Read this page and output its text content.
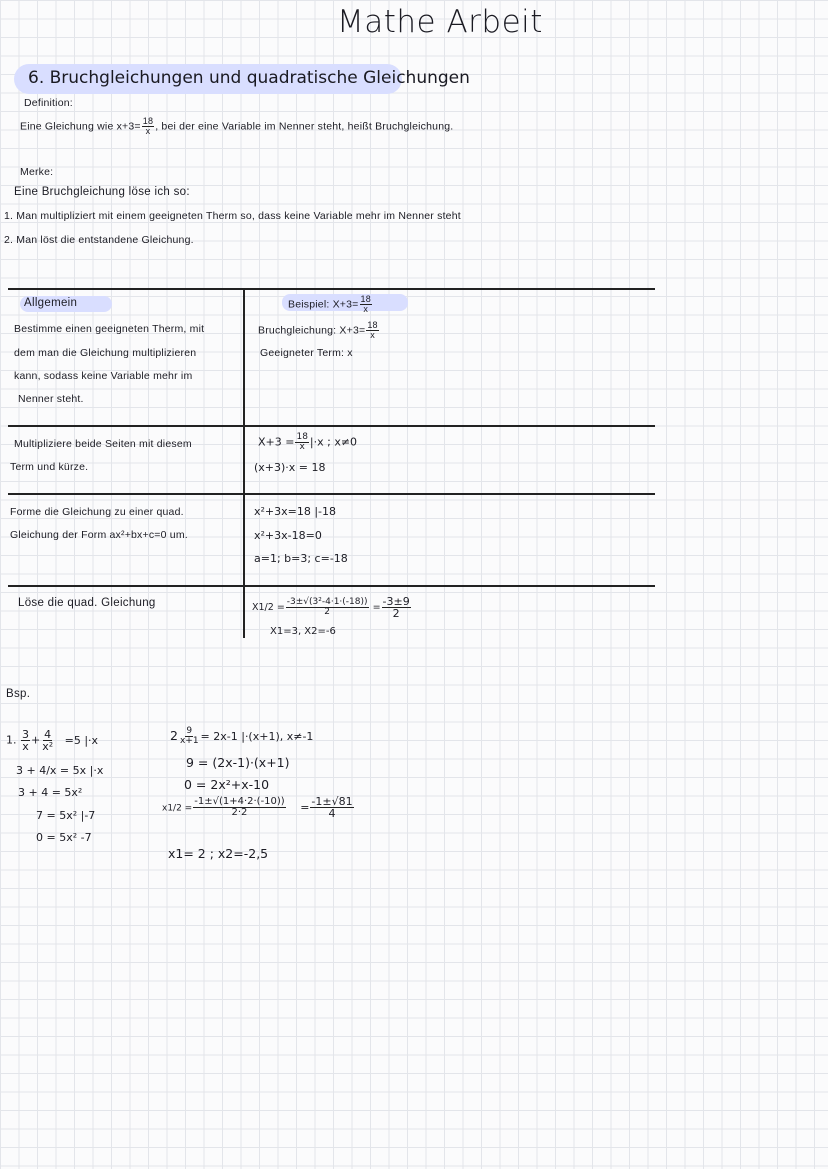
Mathe Arbeit
6. Bruchgleichungen und quadratische Gleichungen
Definition:
Eine Gleichung wie $x+3= \frac{18}{x}$ , bei der eine Variable im Nenner steht, heißt Bruchgleichung.
Merke:
Eine Bruchgleichung löse ich so:
1. Man multipliziert mit einem geeigneten Therm so, dass keine Variable mehr im Nenner steht
2. Man löst die entstandene Gleichung.
Allgemein	Beispiel: $X+3= \frac{18}{x}$
Bestimme einen geeigneten Therm, mit
dem man die Gleichung multiplizieren
kann, sodass keine Variable mehr im
Nenner steht.
Bruchgleichung: $X+3= \frac{18}{x}$
Geeigneter Term: x
Multipliziere beide Seiten mit diesem
Term und kürze.
$X+3 = \frac{18}{x} |\cdot x$ ; x≠0
(x+3)·x = 18
Forme die Gleichung zu einer quad.
Gleichung der Form ax²+bx+c=0 um.
x²+3x=18 |-18
x²+3x-18=0
a=1; b=3; c=-18
Löse die quad. Gleichung	$X1/2 = \frac{\text{-3±√(3²-4·1·(-18))}}{2} = \frac{-3\pm 9}{2}$
X1=3, X2=-6
Bsp.
1. $\frac{3}{x} + \frac{4}{\text{x²}} =5$ |·x
3 + 4/x = 5x |·x
3 + 4 = 5x²
7 = 5x² |-7
0 = 5x² -7
$2 \frac{9}{x+1} = 2x-1$ |·(x+1), x≠-1
9 = (2x-1)·(x+1)
0 = 2x²+x-10
$x1/2 = \frac{-1\pm√(1+4\cdot 2\cdot(-10))}{2\cdot 2} = \frac{-1\pm√81}{4}$
x1= 2 ; x2=-2,5
